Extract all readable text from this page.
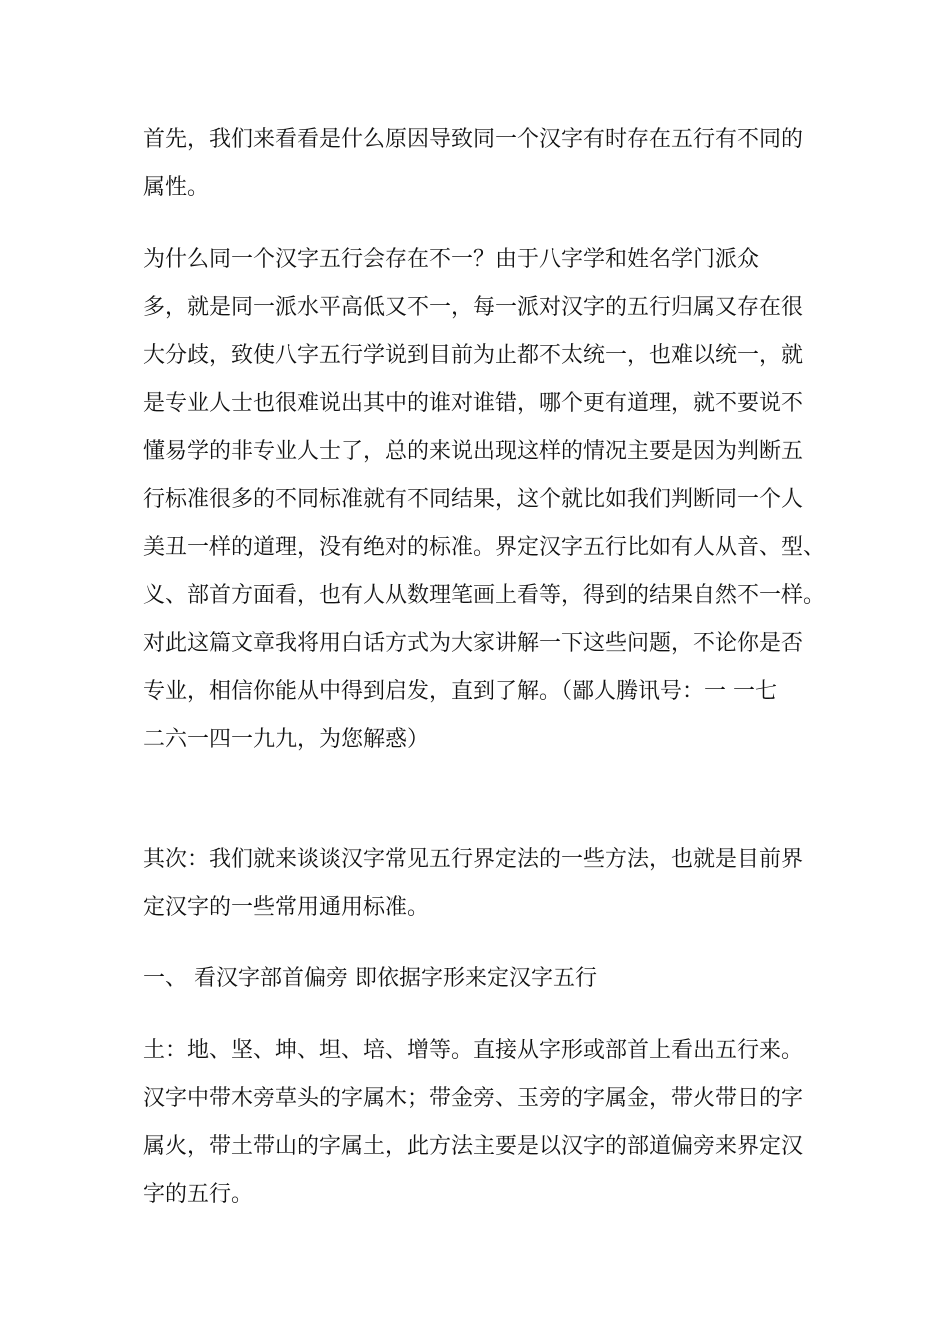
首先，我们来看看是什么原因导致同一个汉字有时存在五行有不同的
属性。
为什么同一个汉字五行会存在不一？由于八字学和姓名学门派众
多，就是同一派水平高低又不一，每一派对汉字的五行归属又存在很
大分歧，致使八字五行学说到目前为止都不太统一，也难以统一，就
是专业人士也很难说出其中的谁对谁错，哪个更有道理，就不要说不
懂易学的非专业人士了，总的来说出现这样的情况主要是因为判断五
行标准很多的不同标准就有不同结果，这个就比如我们判断同一个人
美丑一样的道理，没有绝对的标准。界定汉字五行比如有人从音、型、
义、部首方面看，也有人从数理笔画上看等，得到的结果自然不一样。
对此这篇文章我将用白话方式为大家讲解一下这些问题，不论你是否
专业，相信你能从中得到启发，直到了解。（鄙人腾讯号：一 一七
二六一四一九九，为您解惑）
其次：我们就来谈谈汉字常见五行界定法的一些方法，也就是目前界
定汉字的一些常用通用标准。
一、 看汉字部首偏旁 即依据字形来定汉字五行
土：地、坚、坤、坦、培、增等。直接从字形或部首上看出五行来。
汉字中带木旁草头的字属木；带金旁、玉旁的字属金，带火带日的字
属火，带土带山的字属土，此方法主要是以汉字的部道偏旁来界定汉
字的五行。
